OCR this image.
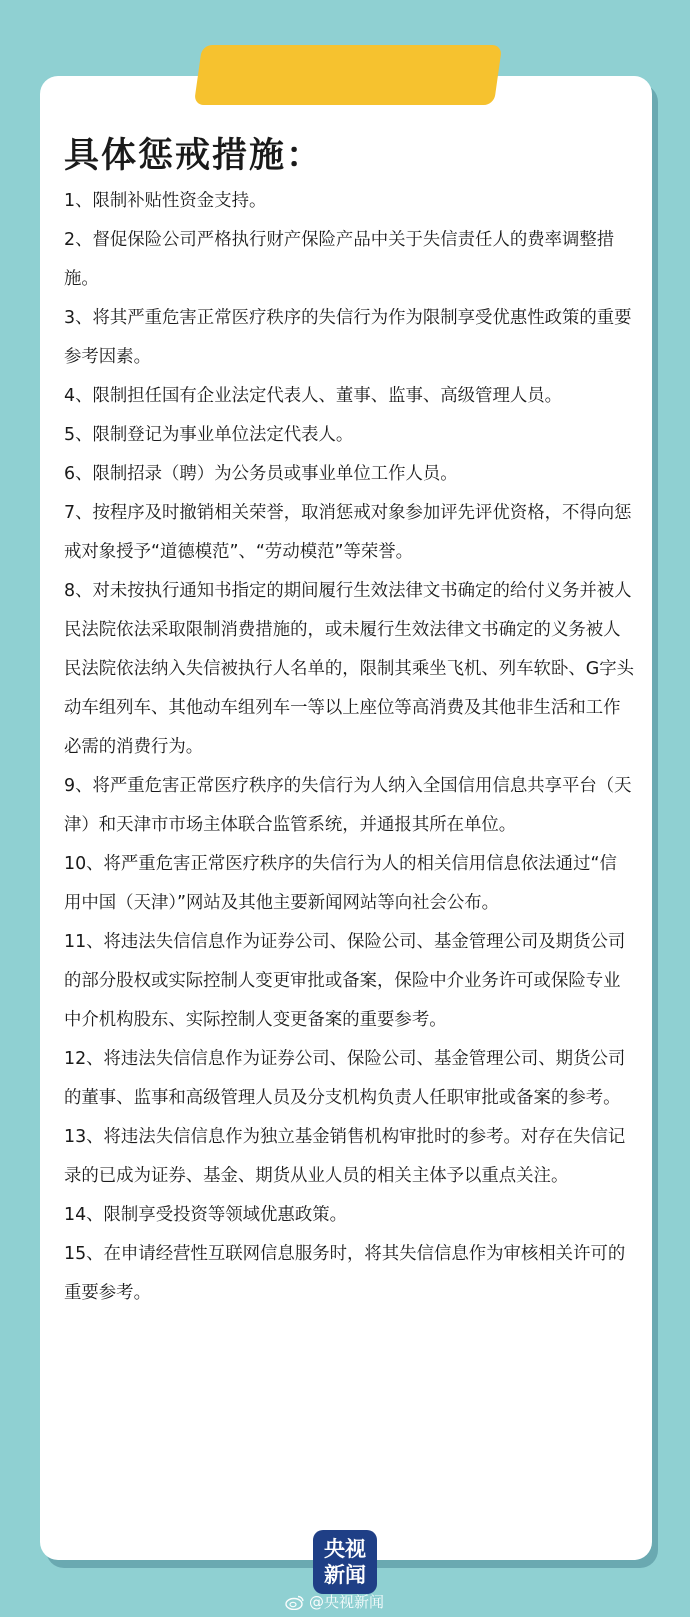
具体惩戒措施：

1、限制补贴性资金支持。

2、督促保险公司严格执行财产保险产品中关于失信责任人的费率调整措施。

3、将其严重危害正常医疗秩序的失信行为作为限制享受优惠性政策的重要参考因素。

4、限制担任国有企业法定代表人、董事、监事、高级管理人员。

5、限制登记为事业单位法定代表人。

6、限制招录（聘）为公务员或事业单位工作人员。

7、按程序及时撤销相关荣誉，取消惩戒对象参加评先评优资格，不得向惩戒对象授予“道德模范”、“劳动模范”等荣誉。

8、对未按执行通知书指定的期间履行生效法律文书确定的给付义务并被人民法院依法采取限制消费措施的，或未履行生效法律文书确定的义务被人民法院依法纳入失信被执行人名单的，限制其乘坐飞机、列车软卧、G字头动车组列车、其他动车组列车一等以上座位等高消费及其他非生活和工作必需的消费行为。

9、将严重危害正常医疗秩序的失信行为人纳入全国信用信息共享平台（天津）和天津市市场主体联合监管系统，并通报其所在单位。

10、将严重危害正常医疗秩序的失信行为人的相关信用信息依法通过“信用中国（天津）”网站及其他主要新闻网站等向社会公布。

11、将违法失信信息作为证券公司、保险公司、基金管理公司及期货公司的部分股权或实际控制人变更审批或备案，保险中介业务许可或保险专业中介机构股东、实际控制人变更备案的重要参考。

12、将违法失信信息作为证券公司、保险公司、基金管理公司、期货公司的董事、监事和高级管理人员及分支机构负责人任职审批或备案的参考。

13、将违法失信信息作为独立基金销售机构审批时的参考。对存在失信记录的已成为证券、基金、期货从业人员的相关主体予以重点关注。

14、限制享受投资等领域优惠政策。

15、在申请经营性互联网信息服务时，将其失信信息作为审核相关许可的重要参考。

央视
新闻
@央视新闻
